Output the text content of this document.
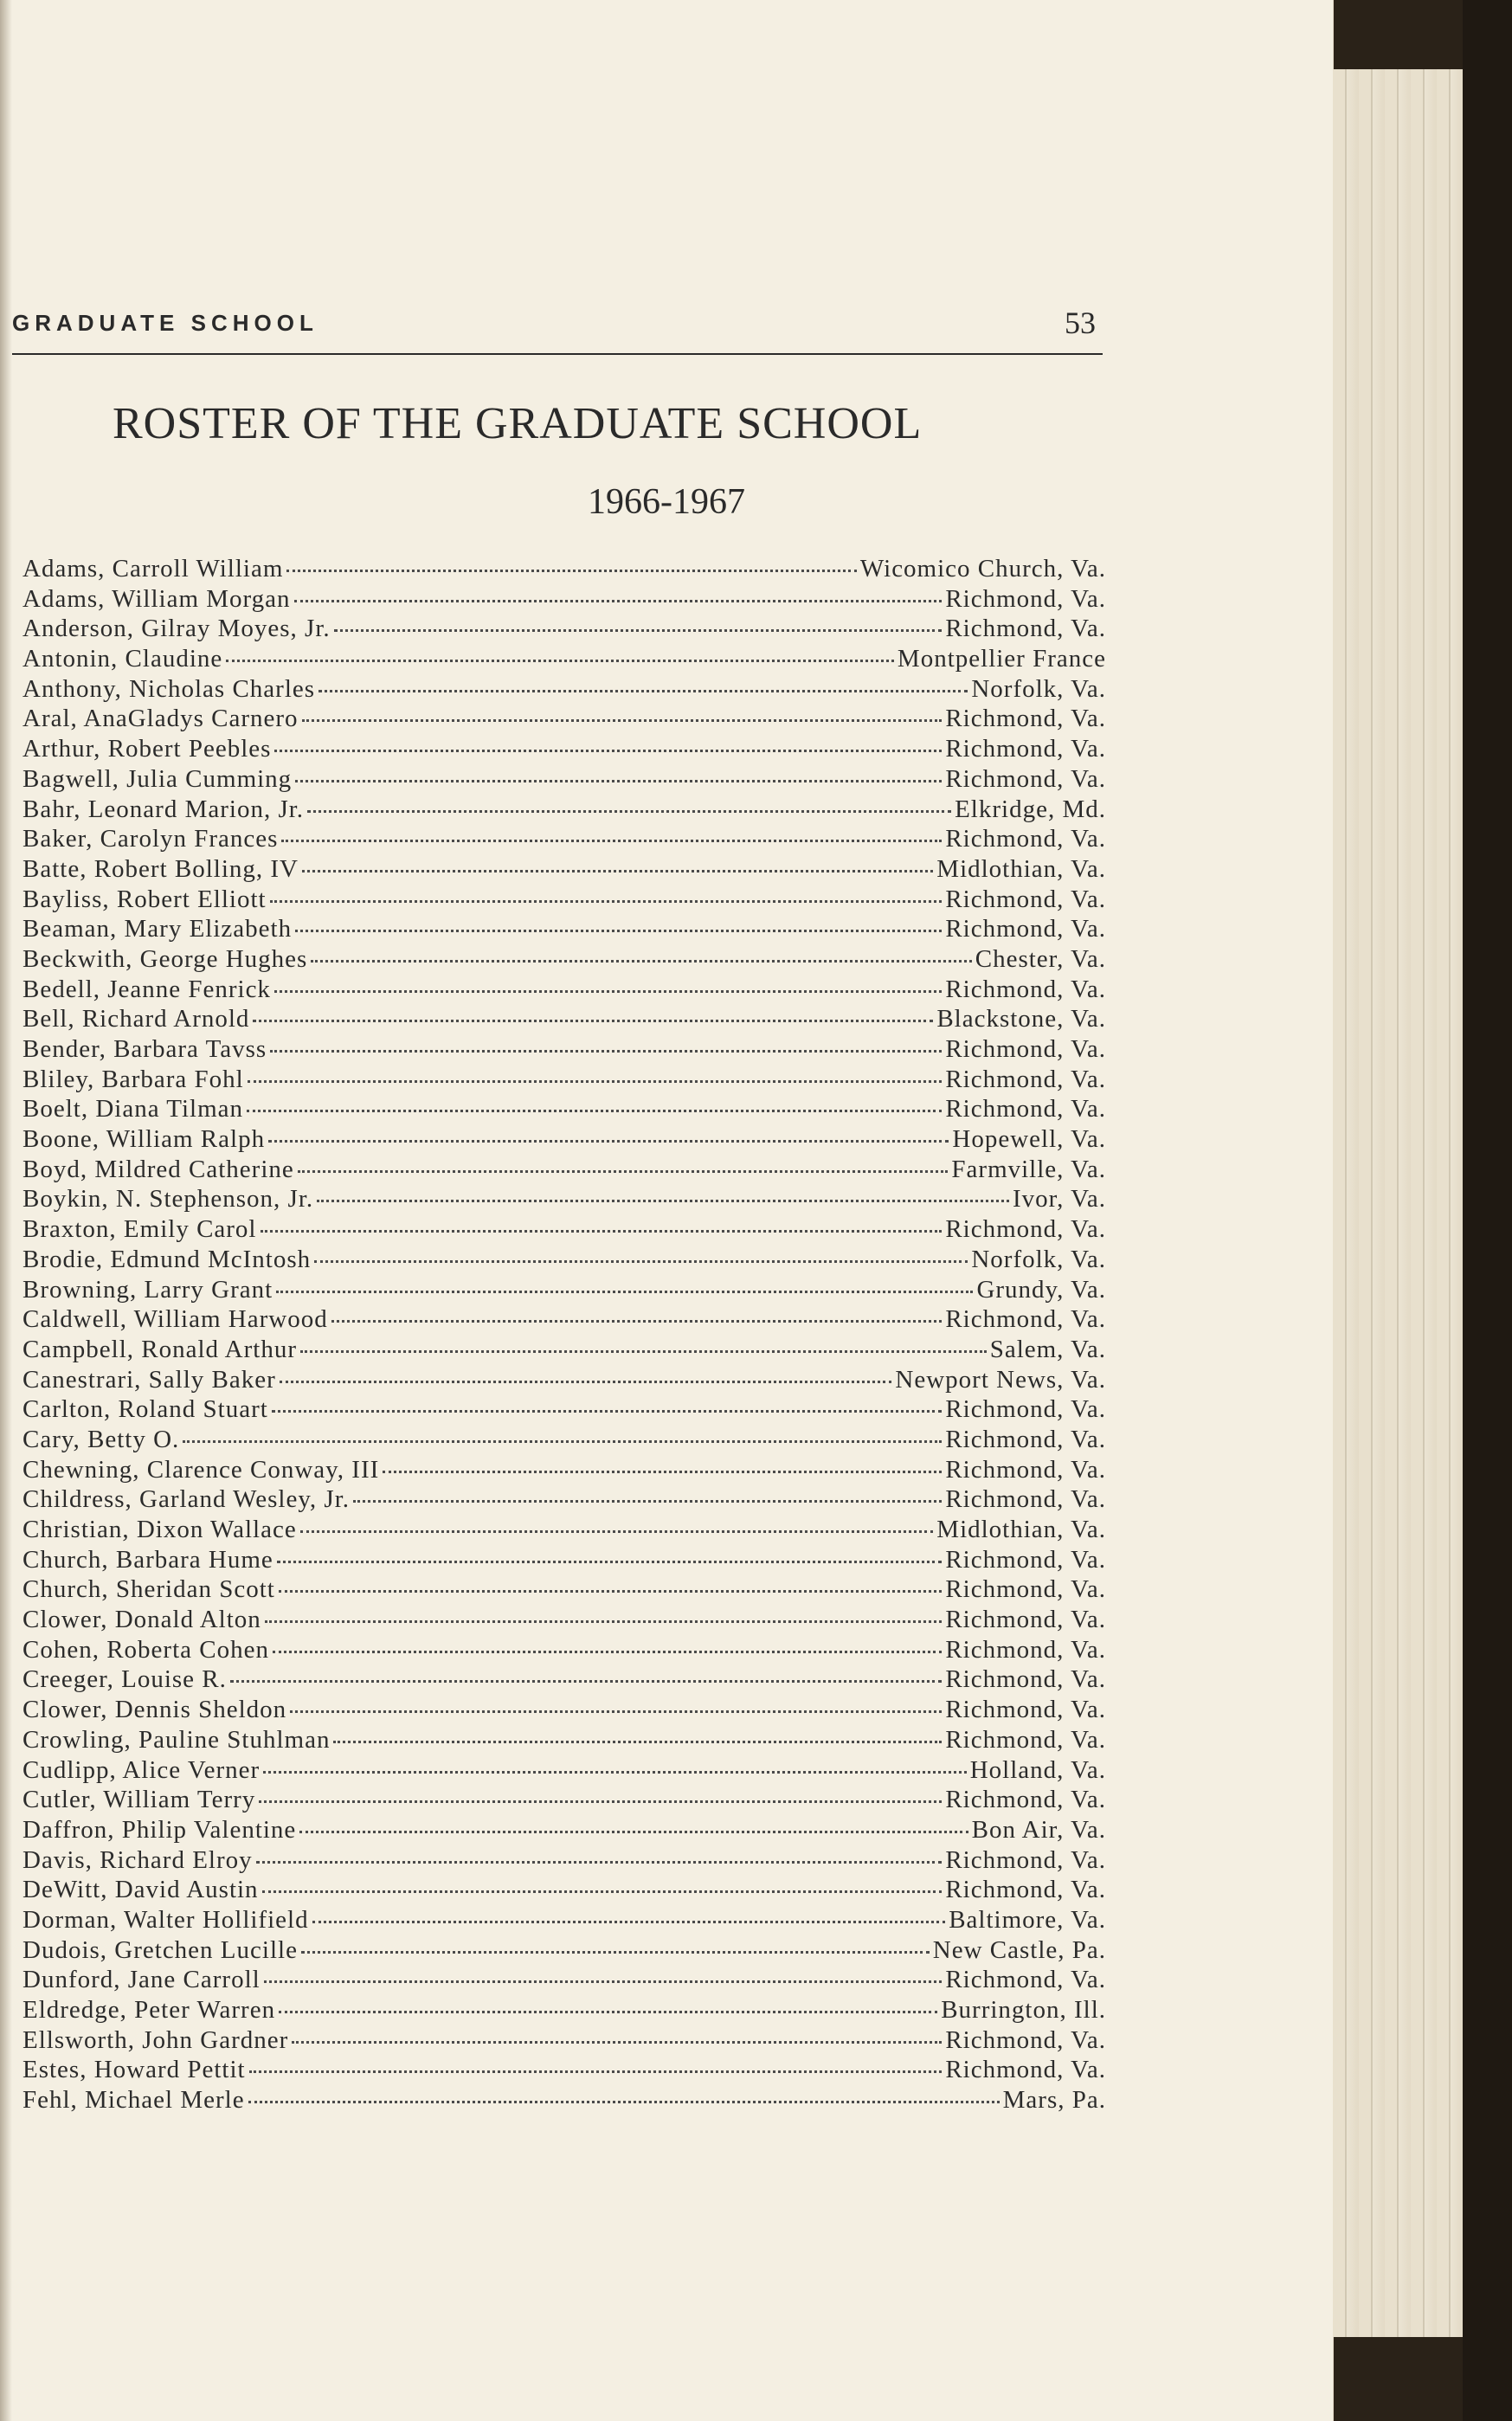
GRADUATE SCHOOL	53
ROSTER OF THE GRADUATE SCHOOL
1966-1967
Adams, Carroll William	Wicomico Church, Va.
Adams, William Morgan	Richmond, Va.
Anderson, Gilray Moyes, Jr.	Richmond, Va.
Antonin, Claudine	Montpellier France
Anthony, Nicholas Charles	Norfolk, Va.
Aral, AnaGladys Carnero	Richmond, Va.
Arthur, Robert Peebles	Richmond, Va.
Bagwell, Julia Cumming	Richmond, Va.
Bahr, Leonard Marion, Jr.	Elkridge, Md.
Baker, Carolyn Frances	Richmond, Va.
Batte, Robert Bolling, IV	Midlothian, Va.
Bayliss, Robert Elliott	Richmond, Va.
Beaman, Mary Elizabeth	Richmond, Va.
Beckwith, George Hughes	Chester, Va.
Bedell, Jeanne Fenrick	Richmond, Va.
Bell, Richard Arnold	Blackstone, Va.
Bender, Barbara Tavss	Richmond, Va.
Bliley, Barbara Fohl	Richmond, Va.
Boelt, Diana Tilman	Richmond, Va.
Boone, William Ralph	Hopewell, Va.
Boyd, Mildred Catherine	Farmville, Va.
Boykin, N. Stephenson, Jr.	Ivor, Va.
Braxton, Emily Carol	Richmond, Va.
Brodie, Edmund McIntosh	Norfolk, Va.
Browning, Larry Grant	Grundy, Va.
Caldwell, William Harwood	Richmond, Va.
Campbell, Ronald Arthur	Salem, Va.
Canestrari, Sally Baker	Newport News, Va.
Carlton, Roland Stuart	Richmond, Va.
Cary, Betty O.	Richmond, Va.
Chewning, Clarence Conway, III	Richmond, Va.
Childress, Garland Wesley, Jr.	Richmond, Va.
Christian, Dixon Wallace	Midlothian, Va.
Church, Barbara Hume	Richmond, Va.
Church, Sheridan Scott	Richmond, Va.
Clower, Donald Alton	Richmond, Va.
Cohen, Roberta Cohen	Richmond, Va.
Creeger, Louise R.	Richmond, Va.
Clower, Dennis Sheldon	Richmond, Va.
Crowling, Pauline Stuhlman	Richmond, Va.
Cudlipp, Alice Verner	Holland, Va.
Cutler, William Terry	Richmond, Va.
Daffron, Philip Valentine	Bon Air, Va.
Davis, Richard Elroy	Richmond, Va.
DeWitt, David Austin	Richmond, Va.
Dorman, Walter Hollifield	Baltimore, Va.
Dudois, Gretchen Lucille	New Castle, Pa.
Dunford, Jane Carroll	Richmond, Va.
Eldredge, Peter Warren	Burrington, Ill.
Ellsworth, John Gardner	Richmond, Va.
Estes, Howard Pettit	Richmond, Va.
Fehl, Michael Merle	Mars, Pa.
